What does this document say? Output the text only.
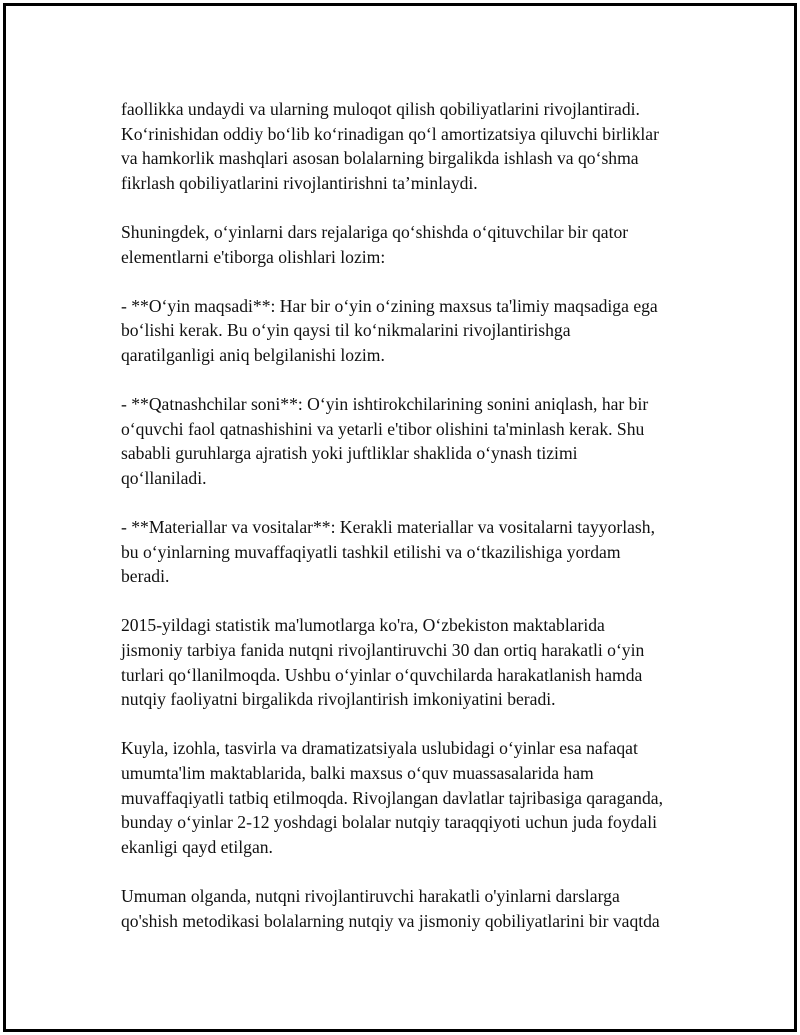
faollikka undaydi va ularning muloqot qilish qobiliyatlarini rivojlantiradi.
Ko‘rinishidan oddiy bo‘lib ko‘rinadigan qo‘l amortizatsiya qiluvchi birliklar
va hamkorlik mashqlari asosan bolalarning birgalikda ishlash va qo‘shma
fikrlash qobiliyatlarini rivojlantirishni ta’minlaydi.

Shuningdek, o‘yinlarni dars rejalariga qo‘shishda o‘qituvchilar bir qator
elementlarni e'tiborga olishlari lozim:

- **O‘yin maqsadi**: Har bir o‘yin o‘zining maxsus ta'limiy maqsadiga ega
bo‘lishi kerak. Bu o‘yin qaysi til ko‘nikmalarini rivojlantirishga
qaratilganligi aniq belgilanishi lozim.

- **Qatnashchilar soni**: O‘yin ishtirokchilarining sonini aniqlash, har bir
o‘quvchi faol qatnashishini va yetarli e'tibor olishini ta'minlash kerak. Shu
sababli guruhlarga ajratish yoki juftliklar shaklida o‘ynash tizimi
qo‘llaniladi.

- **Materiallar va vositalar**: Kerakli materiallar va vositalarni tayyorlash,
bu o‘yinlarning muvaffaqiyatli tashkil etilishi va o‘tkazilishiga yordam
beradi.

2015-yildagi statistik ma'lumotlarga ko'ra, O‘zbekiston maktablarida
jismoniy tarbiya fanida nutqni rivojlantiruvchi 30 dan ortiq harakatli o‘yin
turlari qo‘llanilmoqda. Ushbu o‘yinlar o‘quvchilarda harakatlanish hamda
nutqiy faoliyatni birgalikda rivojlantirish imkoniyatini beradi.

Kuyla, izohla, tasvirla va dramatizatsiyala uslubidagi o‘yinlar esa nafaqat
umumta'lim maktablarida, balki maxsus o‘quv muassasalarida ham
muvaffaqiyatli tatbiq etilmoqda. Rivojlangan davlatlar tajribasiga qaraganda,
bunday o‘yinlar 2-12 yoshdagi bolalar nutqiy taraqqiyoti uchun juda foydali
ekanligi qayd etilgan.

Umuman olganda, nutqni rivojlantiruvchi harakatli o'yinlarni darslarga
qo'shish metodikasi bolalarning nutqiy va jismoniy qobiliyatlarini bir vaqtda
